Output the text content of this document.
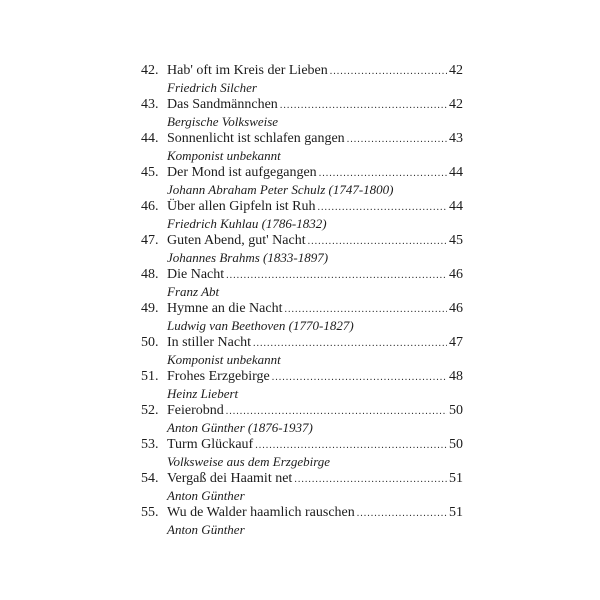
42. Hab' oft im Kreis der Lieben .....	42
Friedrich Silcher
43. Das Sandmännchen .....	42
Bergische Volksweise
44. Sonnenlicht ist schlafen gangen .....	43
Komponist unbekannt
45. Der Mond ist aufgegangen .....	44
Johann Abraham Peter Schulz (1747-1800)
46. Über allen Gipfeln ist Ruh .....	44
Friedrich Kuhlau (1786-1832)
47. Guten Abend, gut' Nacht .....	45
Johannes Brahms (1833-1897)
48. Die Nacht .....	46
Franz Abt
49. Hymne an die Nacht .....	46
Ludwig van Beethoven (1770-1827)
50. In stiller Nacht .....	47
Komponist unbekannt
51. Frohes Erzgebirge .....	48
Heinz Liebert
52. Feierobnd .....	50
Anton Günther (1876-1937)
53. Turm Glückauf .....	50
Volksweise aus dem Erzgebirge
54. Vergaß dei Haamit net .....	51
Anton Günther
55. Wu de Walder haamlich rauschen .....	51
Anton Günther
